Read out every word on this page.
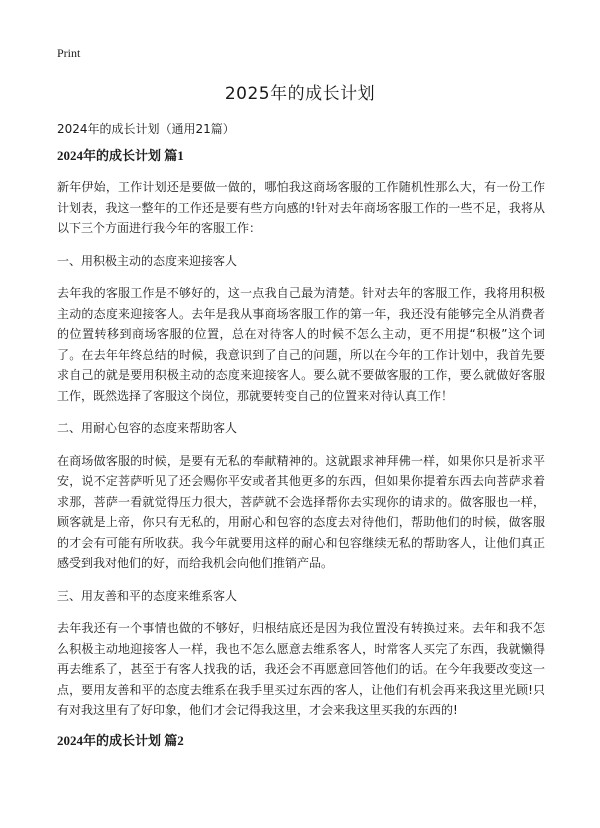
Print
2025年的成长计划

2024年的成长计划（通用21篇）

2024年的成长计划 篇1

新年伊始，工作计划还是要做一做的，哪怕我这商场客服的工作随机性那么大，有一份工作计划表，我这一整年的工作还是要有些方向感的!针对去年商场客服工作的一些不足，我将从以下三个方面进行我今年的客服工作：

一、用积极主动的态度来迎接客人

去年我的客服工作是不够好的，这一点我自己最为清楚。针对去年的客服工作，我将用积极主动的态度来迎接客人。去年是我从事商场客服工作的第一年，我还没有能够完全从消费者的位置转移到商场客服的位置，总在对待客人的时候不怎么主动，更不用提“积极”这个词了。在去年年终总结的时候，我意识到了自己的问题，所以在今年的工作计划中，我首先要求自己的就是要用积极主动的态度来迎接客人。要么就不要做客服的工作，要么就做好客服工作，既然选择了客服这个岗位，那就要转变自己的位置来对待认真工作！

二、用耐心包容的态度来帮助客人

在商场做客服的时候，是要有无私的奉献精神的。这就跟求神拜佛一样，如果你只是祈求平安，说不定菩萨听见了还会赐你平安或者其他更多的东西，但如果你提着东西去向菩萨求着求那，菩萨一看就觉得压力很大，菩萨就不会选择帮你去实现你的请求的。做客服也一样，顾客就是上帝，你只有无私的，用耐心和包容的态度去对待他们，帮助他们的时候，做客服的才会有可能有所收获。我今年就要用这样的耐心和包容继续无私的帮助客人，让他们真正感受到我对他们的好，而给我机会向他们推销产品。

三、用友善和平的态度来维系客人

去年我还有一个事情也做的不够好，归根结底还是因为我位置没有转换过来。去年和我不怎么积极主动地迎接客人一样，我也不怎么愿意去维系客人，时常客人买完了东西，我就懒得再去维系了，甚至于有客人找我的话，我还会不再愿意回答他们的话。在今年我要改变这一点，要用友善和平的态度去维系在我手里买过东西的客人，让他们有机会再来我这里光顾!只有对我这里有了好印象，他们才会记得我这里，才会来我这里买我的东西的!

2024年的成长计划 篇2
